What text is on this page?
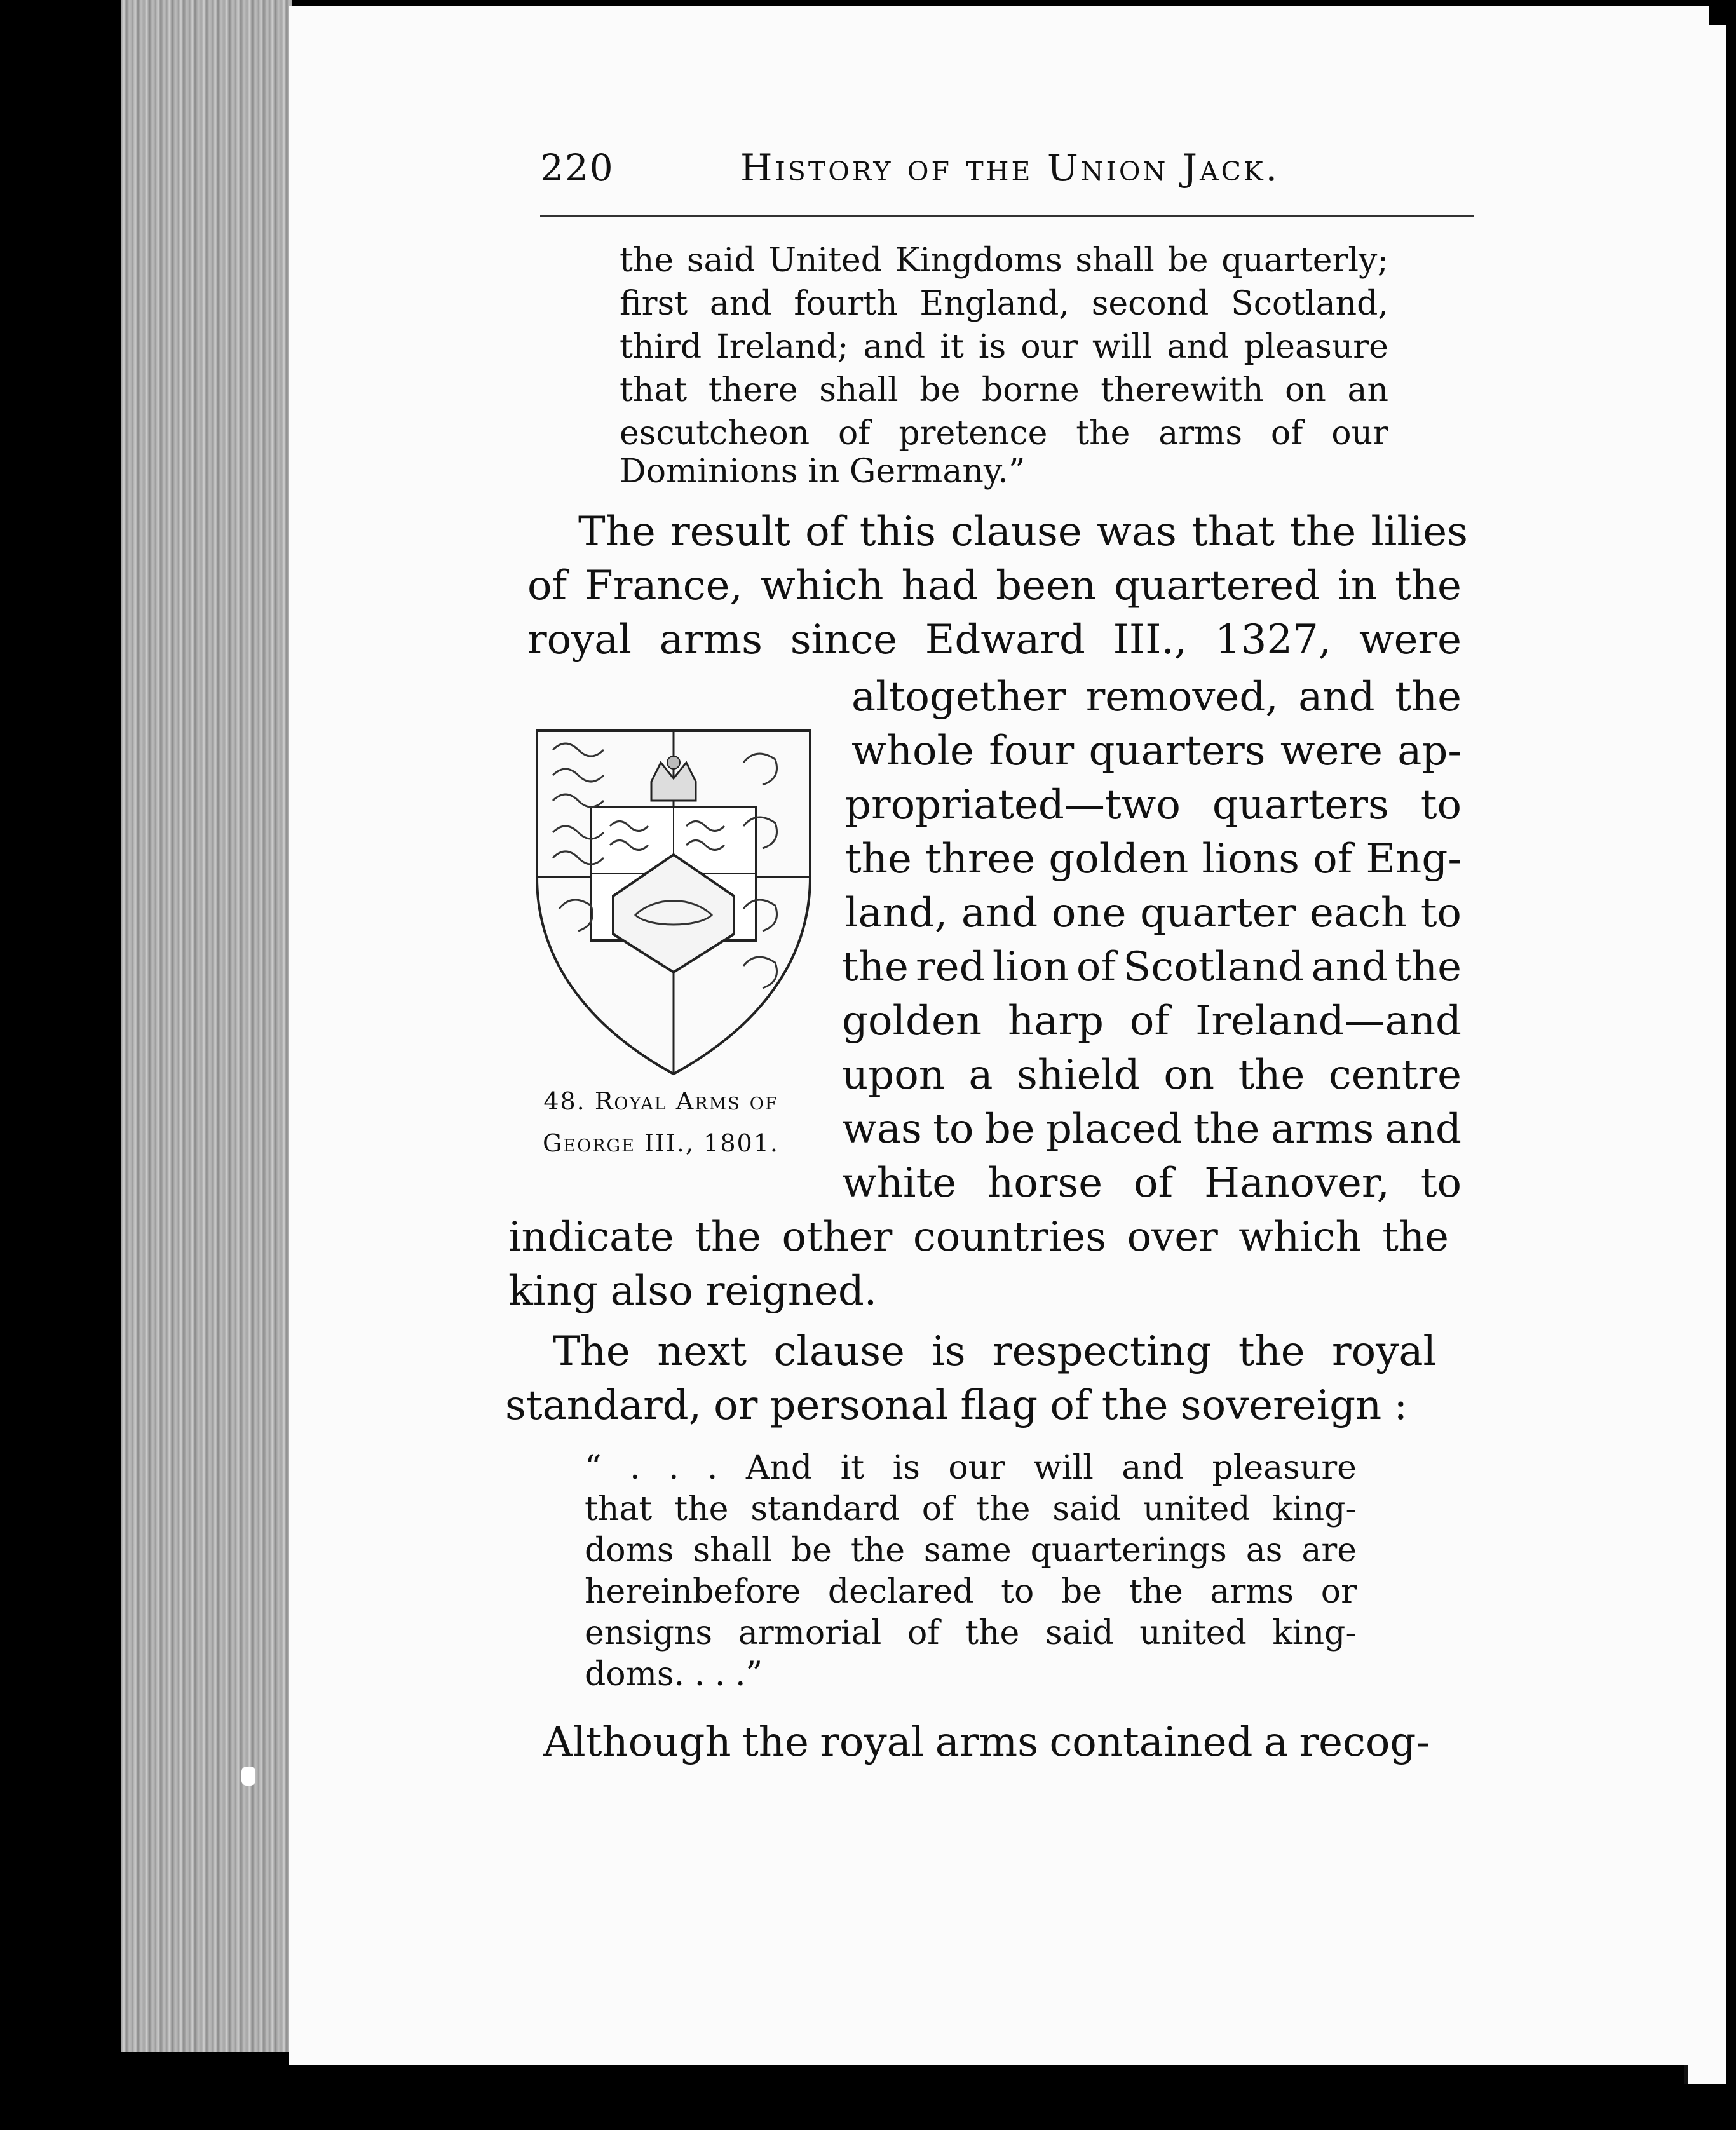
220	History of the Union Jack.
the said United Kingdoms shall be quarterly;
first and fourth England, second Scotland,
third Ireland; and it is our will and pleasure
that there shall be borne therewith on an
escutcheon of pretence the arms of our
Dominions in Germany.”
The result of this clause was that the lilies
of France, which had been quartered in the
royal arms since Edward III., 1327, were
altogether removed, and the
whole four quarters were ap-
propriated—two quarters to
the three golden lions of Eng-
land, and one quarter each to
the red lion of Scotland and the
golden harp of Ireland—and
upon a shield on the centre
was to be placed the arms and
white horse of Hanover, to
indicate the other countries over which the
king also reigned.
The next clause is respecting the royal
standard, or personal flag of the sovereign :
“ . . . And it is our will and pleasure
that the standard of the said united king-
doms shall be the same quarterings as are
hereinbefore declared to be the arms or
ensigns armorial of the said united king-
doms. . . .”
Although the royal arms contained a recog-
48. Royal Arms of
George III., 1801.
